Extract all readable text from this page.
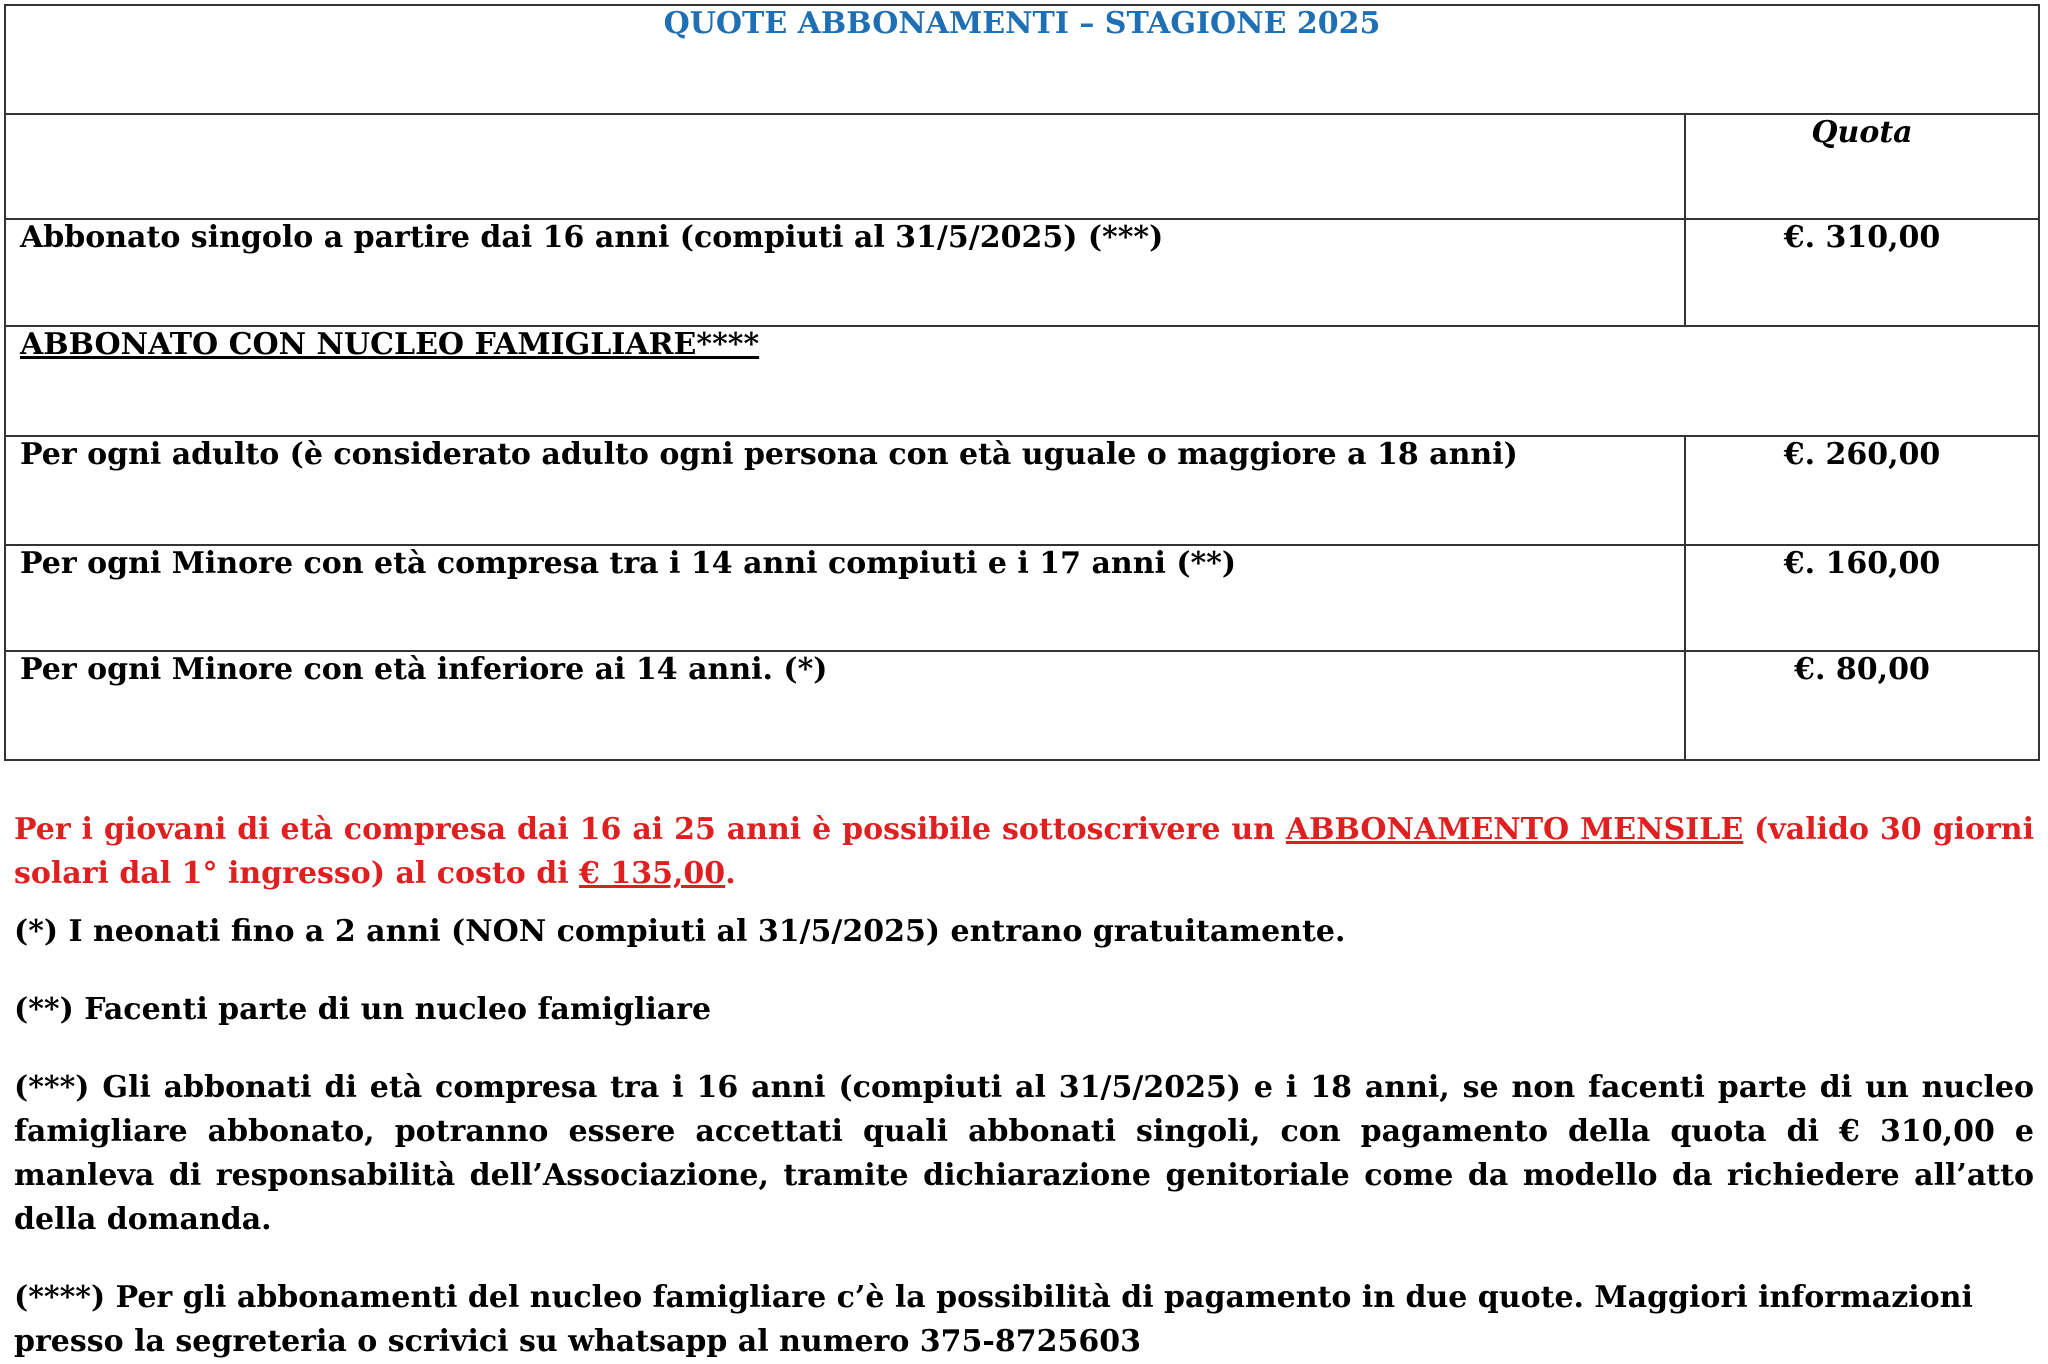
QUOTE ABBONAMENTI – STAGIONE 2025	
	Quota
Abbonato singolo a partire dai 16 anni (compiuti al 31/5/2025) (***)	€. 310,00
ABBONATO CON NUCLEO FAMIGLIARE****	
Per ogni adulto (è considerato adulto ogni persona con età uguale o maggiore a 18 anni)	€. 260,00
Per ogni Minore con età compresa tra i 14 anni compiuti e i 17 anni (**)	€. 160,00
Per ogni Minore con età inferiore ai 14 anni. (*)	€. 80,00

Per i giovani di età compresa dai 16 ai 25 anni è possibile sottoscrivere un ABBONAMENTO MENSILE (valido 30 giorni solari dal 1° ingresso) al costo di € 135,00.

(*) I neonati fino a 2 anni (NON compiuti al 31/5/2025) entrano gratuitamente.

(**) Facenti parte di un nucleo famigliare

(***) Gli abbonati di età compresa tra i 16 anni (compiuti al 31/5/2025) e i 18 anni, se non facenti parte di un nucleo famigliare abbonato, potranno essere accettati quali abbonati singoli, con pagamento della quota di € 310,00 e manleva di responsabilità dell’Associazione, tramite dichiarazione genitoriale come da modello da richiedere all’atto della domanda.

(****) Per gli abbonamenti del nucleo famigliare c’è la possibilità di pagamento in due quote. Maggiori informazioni presso la segreteria o scrivici su whatsapp al numero 375-8725603
